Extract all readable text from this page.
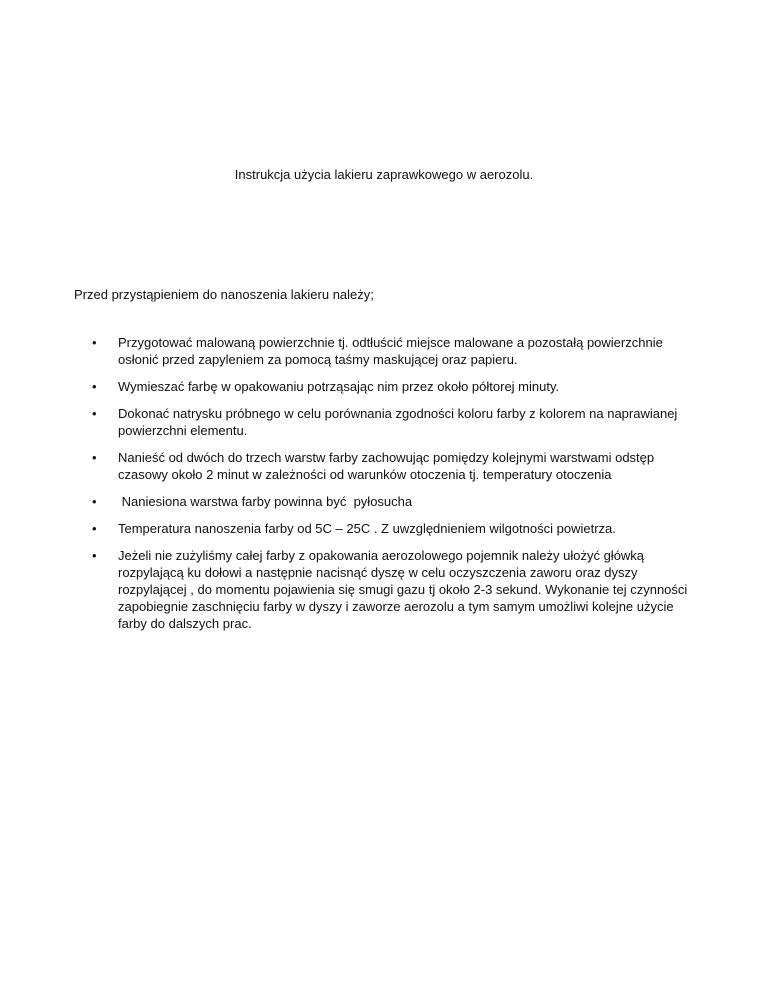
Instrukcja użycia lakieru zaprawkowego w aerozolu.

Przed przystąpieniem do nanoszenia lakieru należy;

• Przygotować malowaną powierzchnie tj. odtłuścić miejsce malowane a pozostałą powierzchnie osłonić przed zapyleniem za pomocą taśmy maskującej oraz papieru.
• Wymieszać farbę w opakowaniu potrząsając nim przez około półtorej minuty.
• Dokonać natrysku próbnego w celu porównania zgodności koloru farby z kolorem na naprawianej powierzchni elementu.
• Nanieść od dwóch do trzech warstw farby zachowując pomiędzy kolejnymi warstwami odstęp czasowy około 2 minut w zależności od warunków otoczenia tj. temperatury otoczenia
• Naniesiona warstwa farby powinna być  pyłosucha
• Temperatura nanoszenia farby od 5C – 25C . Z uwzględnieniem wilgotności powietrza.
• Jeżeli nie zużyliśmy całej farby z opakowania aerozolowego pojemnik należy ułożyć główką rozpylającą ku dołowi a następnie nacisnąć dyszę w celu oczyszczenia zaworu oraz dyszy rozpylającej , do momentu pojawienia się smugi gazu tj około 2-3 sekund. Wykonanie tej czynności zapobiegnie zaschnięciu farby w dyszy i zaworze aerozolu a tym samym umożliwi kolejne użycie farby do dalszych prac.
